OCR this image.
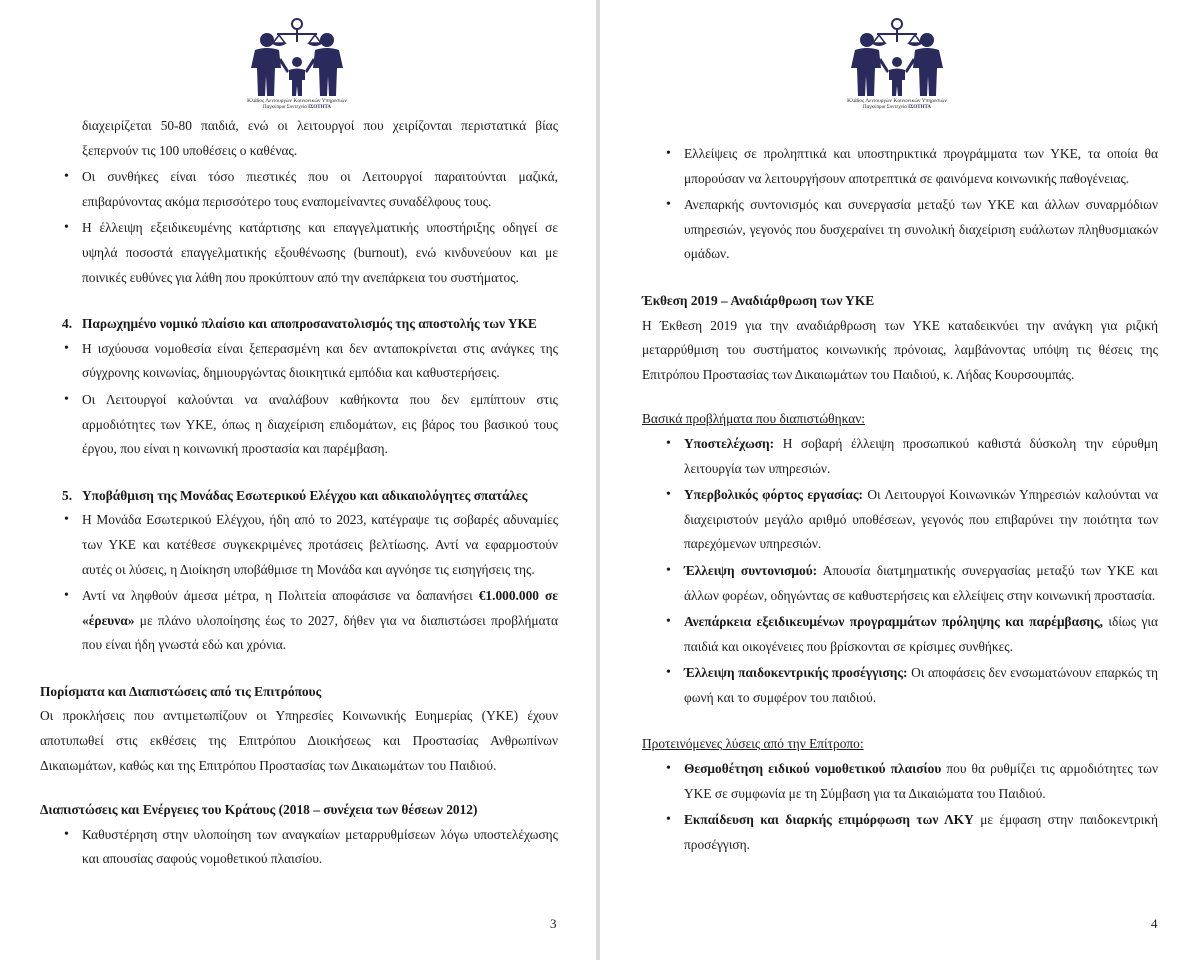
Κλάδος Λειτουργών Κοινωνικών Υπηρεσιών
Παγκύπρια Συντεχνία ΙΣΟΤΗΤΑ

διαχειρίζεται 50-80 παιδιά, ενώ οι λειτουργοί που χειρίζονται περιστατικά βίας ξεπερνούν τις 100 υποθέσεις ο καθένας.

• Οι συνθήκες είναι τόσο πιεστικές που οι Λειτουργοί παραιτούνται μαζικά, επιβαρύνοντας ακόμα περισσότερο τους εναπομείναντες συναδέλφους τους.
• Η έλλειψη εξειδικευμένης κατάρτισης και επαγγελματικής υποστήριξης οδηγεί σε υψηλά ποσοστά επαγγελματικής εξουθένωσης (burnout), ενώ κινδυνεύουν και με ποινικές ευθύνες για λάθη που προκύπτουν από την ανεπάρκεια του συστήματος.

4. Παρωχημένο νομικό πλαίσιο και αποπροσανατολισμός της αποστολής των ΥΚΕ

• Η ισχύουσα νομοθεσία είναι ξεπερασμένη και δεν ανταποκρίνεται στις ανάγκες της σύγχρονης κοινωνίας, δημιουργώντας διοικητικά εμπόδια και καθυστερήσεις.
• Οι Λειτουργοί καλούνται να αναλάβουν καθήκοντα που δεν εμπίπτουν στις αρμοδιότητες των ΥΚΕ, όπως η διαχείριση επιδομάτων, εις βάρος του βασικού τους έργου, που είναι η κοινωνική προστασία και παρέμβαση.

5. Υποβάθμιση της Μονάδας Εσωτερικού Ελέγχου και αδικαιολόγητες σπατάλες

• Η Μονάδα Εσωτερικού Ελέγχου, ήδη από το 2023, κατέγραψε τις σοβαρές αδυναμίες των ΥΚΕ και κατέθεσε συγκεκριμένες προτάσεις βελτίωσης. Αντί να εφαρμοστούν αυτές οι λύσεις, η Διοίκηση υποβάθμισε τη Μονάδα και αγνόησε τις εισηγήσεις της.
• Αντί να ληφθούν άμεσα μέτρα, η Πολιτεία αποφάσισε να δαπανήσει €1.000.000 σε «έρευνα» με πλάνο υλοποίησης έως το 2027, δήθεν για να διαπιστώσει προβλήματα που είναι ήδη γνωστά εδώ και χρόνια.

Πορίσματα και Διαπιστώσεις από τις Επιτρόπους

Οι προκλήσεις που αντιμετωπίζουν οι Υπηρεσίες Κοινωνικής Ευημερίας (ΥΚΕ) έχουν αποτυπωθεί στις εκθέσεις της Επιτρόπου Διοικήσεως και Προστασίας Ανθρωπίνων Δικαιωμάτων, καθώς και της Επιτρόπου Προστασίας των Δικαιωμάτων του Παιδιού.

Διαπιστώσεις και Ενέργειες του Κράτους (2018 – συνέχεια των θέσεων 2012)

• Καθυστέρηση στην υλοποίηση των αναγκαίων μεταρρυθμίσεων λόγω υποστελέχωσης και απουσίας σαφούς νομοθετικού πλαισίου.
3
Κλάδος Λειτουργών Κοινωνικών Υπηρεσιών
Παγκύπρια Συντεχνία ΙΣΟΤΗΤΑ
• Ελλείψεις σε προληπτικά και υποστηρικτικά προγράμματα των ΥΚΕ, τα οποία θα μπορούσαν να λειτουργήσουν αποτρεπτικά σε φαινόμενα κοινωνικής παθογένειας.
• Ανεπαρκής συντονισμός και συνεργασία μεταξύ των ΥΚΕ και άλλων συναρμόδιων υπηρεσιών, γεγονός που δυσχεραίνει τη συνολική διαχείριση ευάλωτων πληθυσμιακών ομάδων.

Έκθεση 2019 – Αναδιάρθρωση των ΥΚΕ

Η Έκθεση 2019 για την αναδιάρθρωση των ΥΚΕ καταδεικνύει την ανάγκη για ριζική μεταρρύθμιση του συστήματος κοινωνικής πρόνοιας, λαμβάνοντας υπόψη τις θέσεις της Επιτρόπου Προστασίας των Δικαιωμάτων του Παιδιού, κ. Λήδας Κουρσουμπάς.

Βασικά προβλήματα που διαπιστώθηκαν:

• Υποστελέχωση: Η σοβαρή έλλειψη προσωπικού καθιστά δύσκολη την εύρυθμη λειτουργία των υπηρεσιών.
• Υπερβολικός φόρτος εργασίας: Οι Λειτουργοί Κοινωνικών Υπηρεσιών καλούνται να διαχειριστούν μεγάλο αριθμό υποθέσεων, γεγονός που επιβαρύνει την ποιότητα των παρεχόμενων υπηρεσιών.
• Έλλειψη συντονισμού: Απουσία διατμηματικής συνεργασίας μεταξύ των ΥΚΕ και άλλων φορέων, οδηγώντας σε καθυστερήσεις και ελλείψεις στην κοινωνική προστασία.
• Ανεπάρκεια εξειδικευμένων προγραμμάτων πρόληψης και παρέμβασης, ιδίως για παιδιά και οικογένειες που βρίσκονται σε κρίσιμες συνθήκες.
• Έλλειψη παιδοκεντρικής προσέγγισης: Οι αποφάσεις δεν ενσωματώνουν επαρκώς τη φωνή και το συμφέρον του παιδιού.

Προτεινόμενες λύσεις από την Επίτροπο:

• Θεσμοθέτηση ειδικού νομοθετικού πλαισίου που θα ρυθμίζει τις αρμοδιότητες των ΥΚΕ σε συμφωνία με τη Σύμβαση για τα Δικαιώματα του Παιδιού.
• Εκπαίδευση και διαρκής επιμόρφωση των ΛΚΥ με έμφαση στην παιδοκεντρική προσέγγιση.
4
